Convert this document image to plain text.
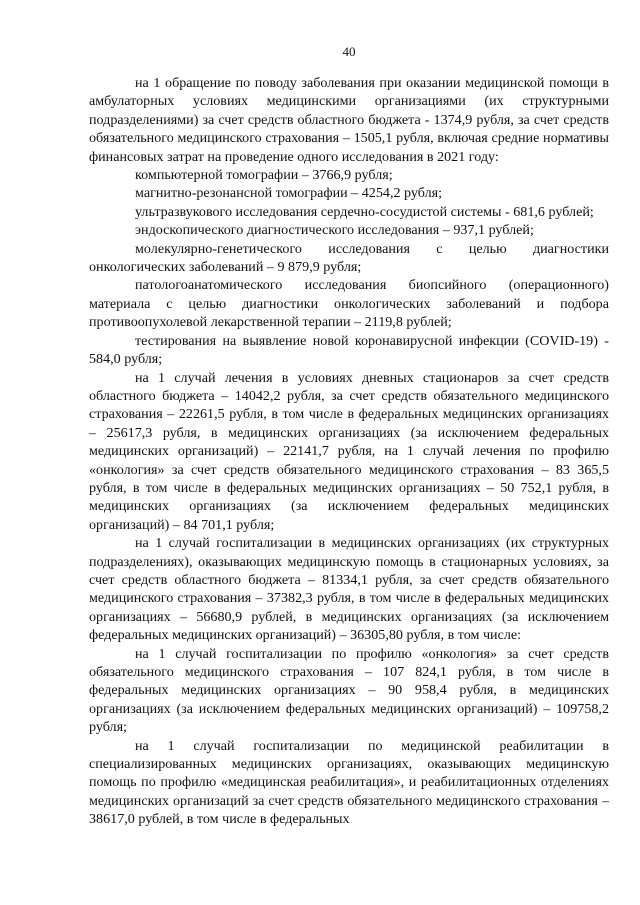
40

на 1 обращение по поводу заболевания при оказании медицинской помощи в амбулаторных условиях медицинскими организациями (их структурными подразделениями) за счет средств областного бюджета - 1374,9 рубля, за счет средств обязательного медицинского страхования – 1505,1 рубля, включая средние нормативы финансовых затрат на проведение одного исследования в 2021 году:

компьютерной томографии – 3766,9 рубля;

магнитно-резонансной томографии – 4254,2 рубля;

ультразвукового исследования сердечно-сосудистой системы - 681,6 рублей;

эндоскопического диагностического исследования – 937,1 рублей;

молекулярно-генетического исследования с целью диагностики онкологических заболеваний – 9 879,9 рубля;

патологоанатомического исследования биопсийного (операционного) материала с целью диагностики онкологических заболеваний и подбора противоопухолевой лекарственной терапии – 2119,8 рублей;

тестирования на выявление новой коронавирусной инфекции (COVID-19) - 584,0 рубля;

на 1 случай лечения в условиях дневных стационаров за счет средств областного бюджета – 14042,2 рубля, за счет средств обязательного медицинского страхования – 22261,5 рубля, в том числе в федеральных медицинских организациях – 25617,3 рубля, в медицинских организациях (за исключением федеральных медицинских организаций) – 22141,7 рубля, на 1 случай лечения по профилю «онкология» за счет средств обязательного медицинского страхования – 83 365,5 рубля, в том числе в федеральных медицинских организациях – 50 752,1 рубля, в медицинских организациях (за исключением федеральных медицинских организаций) – 84 701,1 рубля;

на 1 случай госпитализации в медицинских организациях (их структурных подразделениях), оказывающих медицинскую помощь в стационарных условиях, за счет средств областного бюджета – 81334,1 рубля, за счет средств обязательного медицинского страхования – 37382,3 рубля, в том числе в федеральных медицинских организациях – 56680,9 рублей, в медицинских организациях (за исключением федеральных медицинских организаций) – 36305,80 рубля, в том числе:

на 1 случай госпитализации по профилю «онкология» за счет средств обязательного медицинского страхования – 107 824,1 рубля, в том числе в федеральных медицинских организациях – 90 958,4 рубля, в медицинских организациях (за исключением федеральных медицинских организаций) – 109758,2 рубля;

на 1 случай госпитализации по медицинской реабилитации в специализированных медицинских организациях, оказывающих медицинскую помощь по профилю «медицинская реабилитация», и реабилитационных отделениях медицинских организаций за счет средств обязательного медицинского страхования – 38617,0 рублей, в том числе в федеральных
